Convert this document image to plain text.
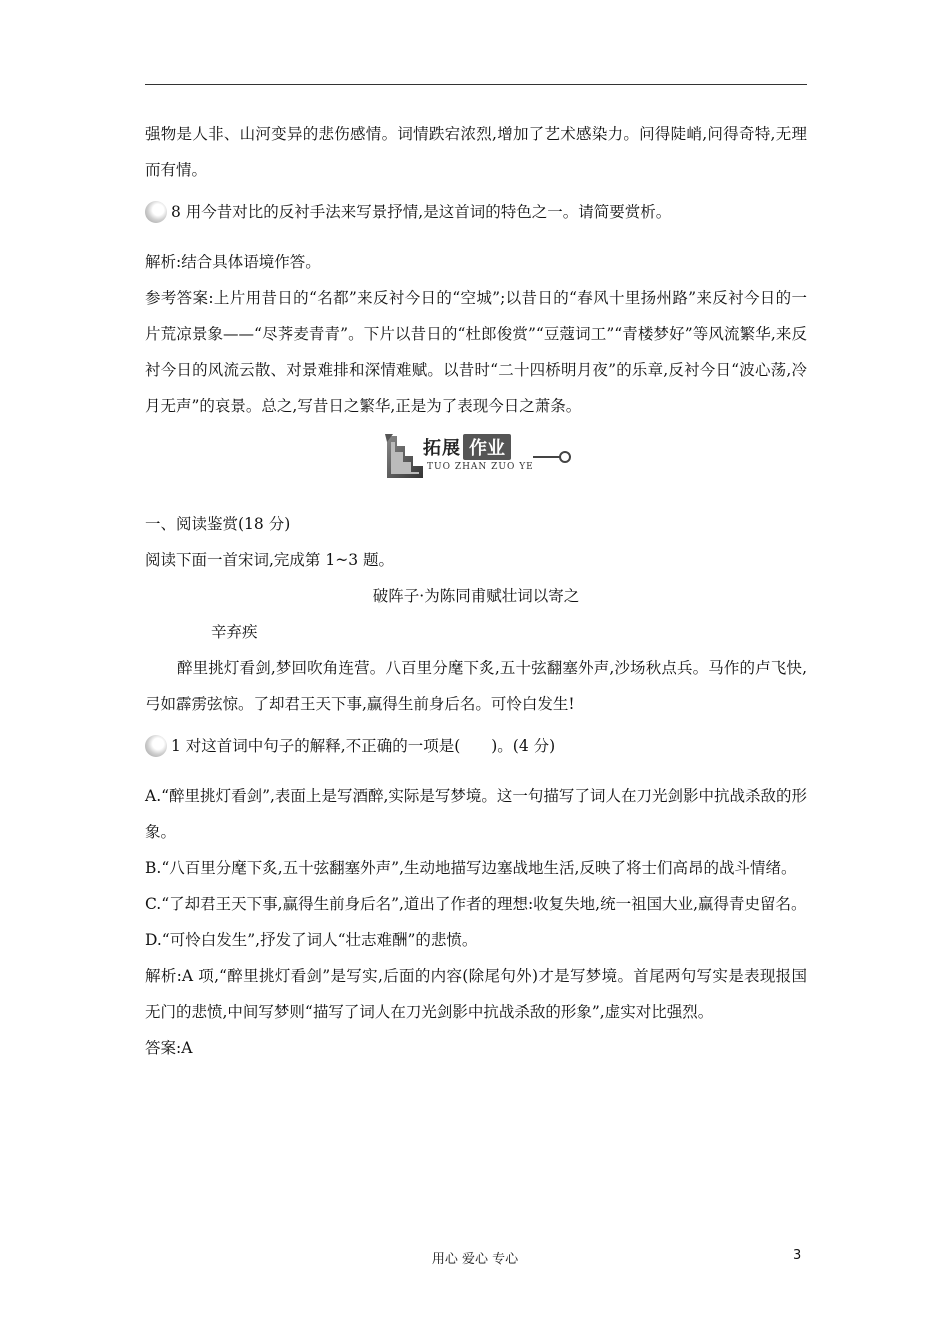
强物是人非、山河变异的悲伤感情。词情跌宕浓烈,增加了艺术感染力。问得陡峭,问得奇特,无理而有情。

8 用今昔对比的反衬手法来写景抒情,是这首词的特色之一。请简要赏析。

解析:结合具体语境作答。

参考答案:上片用昔日的“名都”来反衬今日的“空城”;以昔日的“春风十里扬州路”来反衬今日的一片荒凉景象——“尽荠麦青青”。下片以昔日的“杜郎俊赏”“豆蔻词工”“青楼梦好”等风流繁华,来反衬今日的风流云散、对景难排和深情难赋。以昔时“二十四桥明月夜”的乐章,反衬今日“波心荡,冷月无声”的哀景。总之,写昔日之繁华,正是为了表现今日之萧条。

拓展 作业
TUO ZHAN ZUO YE

一、阅读鉴赏(18 分)

阅读下面一首宋词,完成第 1~3 题。

破阵子·为陈同甫赋壮词以寄之

辛弃疾

醉里挑灯看剑,梦回吹角连营。八百里分麾下炙,五十弦翻塞外声,沙场秋点兵。马作的卢飞快,弓如霹雳弦惊。了却君王天下事,赢得生前身后名。可怜白发生!

1 对这首词中句子的解释,不正确的一项是(　　)。(4 分)

A.“醉里挑灯看剑”,表面上是写酒醉,实际是写梦境。这一句描写了词人在刀光剑影中抗战杀敌的形象。

B.“八百里分麾下炙,五十弦翻塞外声”,生动地描写边塞战地生活,反映了将士们高昂的战斗情绪。

C.“了却君王天下事,赢得生前身后名”,道出了作者的理想:收复失地,统一祖国大业,赢得青史留名。

D.“可怜白发生”,抒发了词人“壮志难酬”的悲愤。

解析:A 项,“醉里挑灯看剑”是写实,后面的内容(除尾句外)才是写梦境。首尾两句写实是表现报国无门的悲愤,中间写梦则“描写了词人在刀光剑影中抗战杀敌的形象”,虚实对比强烈。

答案:A

用心 爱心 专心	3
